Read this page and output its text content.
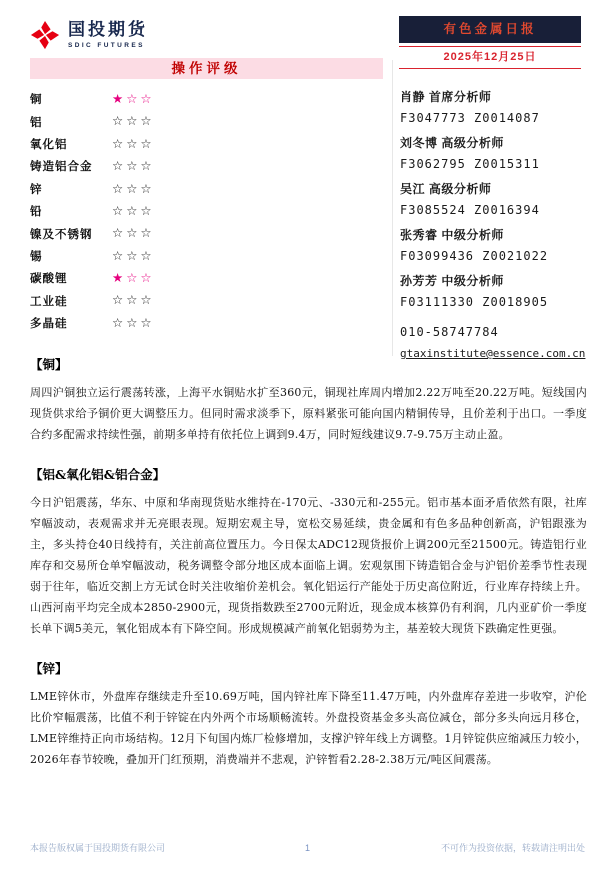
国投期货
SDIC FUTURES
有色金属日报
2025年12月25日
操作评级
铜	★☆☆
铝	☆☆☆
氧化铝	☆☆☆
铸造铝合金	☆☆☆
锌	☆☆☆
铅	☆☆☆
镍及不锈钢	☆☆☆
锡	☆☆☆
碳酸锂	★☆☆
工业硅	☆☆☆
多晶硅	☆☆☆
肖静 首席分析师
F3047773 Z0014087
刘冬博 高级分析师
F3062795 Z0015311
吴江 高级分析师
F3085524 Z0016394
张秀睿 中级分析师
F03099436 Z0021022
孙芳芳 中级分析师
F03111330 Z0018905
010-58747784
gtaxinstitute@essence.com.cn
【铜】

周四沪铜独立运行震荡转涨，上海平水铜贴水扩至360元，铜现社库周内增加2.22万吨至20.22万吨。短线国内现货供求给予铜价更大调整压力。但同时需求淡季下，原料紧张可能向国内精铜传导，且价差利于出口。一季度合约多配需求持续性强，前期多单持有依托位上调到9.4万，同时短线建议9.7-9.75万主动止盈。

【铝&氧化铝&铝合金】

今日沪铝震荡，华东、中原和华南现货贴水维持在-170元、-330元和-255元。铝市基本面矛盾依然有限，社库窄幅波动，表观需求并无亮眼表现。短期宏观主导，宽松交易延续，贵金属和有色多品种创新高，沪铝跟涨为主，多头持仓40日线持有，关注前高位置压力。今日保太ADC12现货报价上调200元至21500元。铸造铝行业库存和交易所仓单窄幅波动，税务调整令部分地区成本面临上调。宏观氛围下铸造铝合金与沪铝价差季节性表现弱于往年，临近交割上方无试仓时关注收缩价差机会。氧化铝运行产能处于历史高位附近，行业库存持续上升。山西河南平均完全成本2850-2900元，现货指数跌至2700元附近，现金成本核算仍有利润，几内亚矿价一季度长单下调5美元，氧化铝成本有下降空间。形成规模减产前氧化铝弱势为主，基差较大现货下跌确定性更强。

【锌】

LME锌休市，外盘库存继续走升至10.69万吨，国内锌社库下降至11.47万吨，内外盘库存差进一步收窄，沪伦比价窄幅震荡，比值不利于锌锭在内外两个市场顺畅流转。外盘投资基金多头高位减仓，部分多头向远月移仓，LME锌维持正向市场结构。12月下旬国内炼厂检修增加，支撑沪锌年线上方调整。1月锌锭供应缩减压力较小，2026年春节较晚，叠加开门红预期，消费端并不悲观，沪锌暂看2.28-2.38万元/吨区间震荡。

本报告版权属于国投期货有限公司	1	不可作为投资依据，转载请注明出处
